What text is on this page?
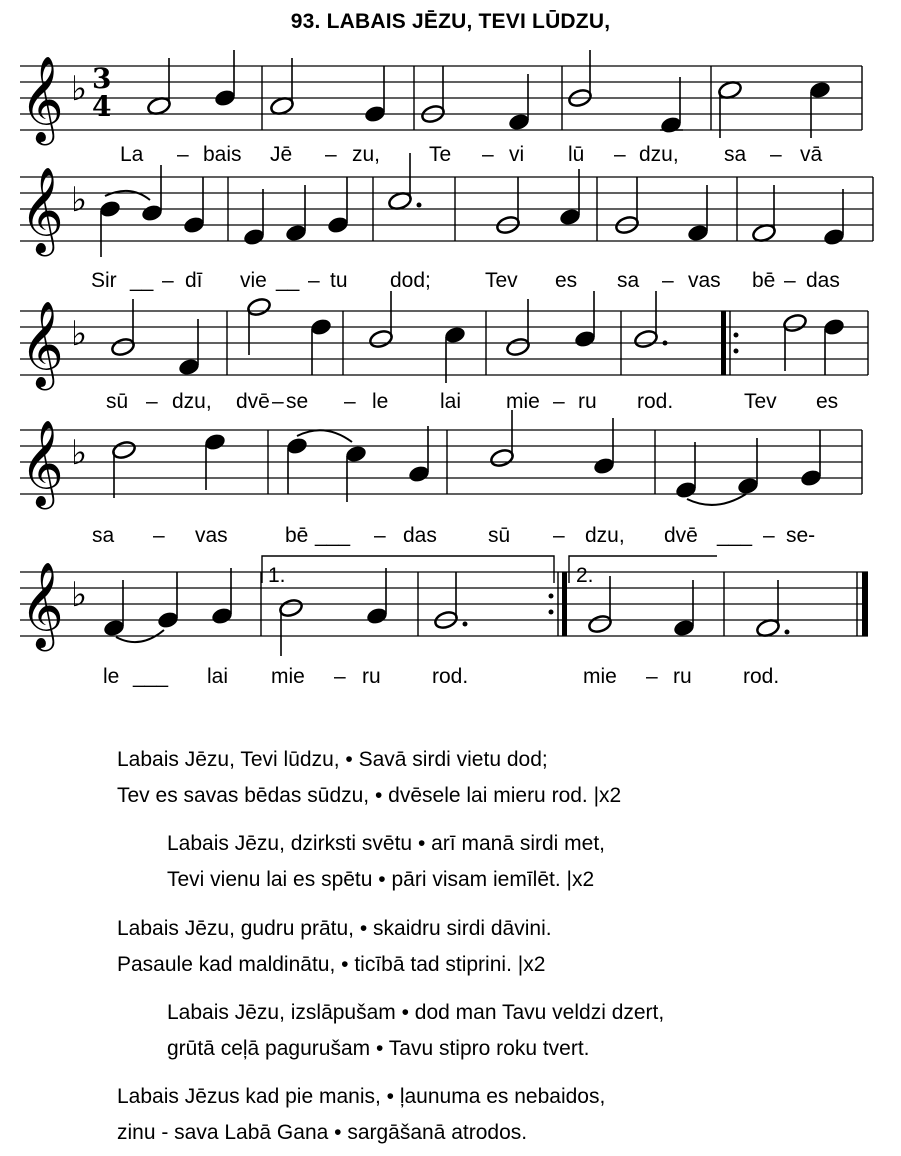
93. LABAIS JĒZU, TEVI LŪDZU,
𝄞 ♭ 3
4
La – bais Jē – zu, Te – vi lū – dzu, sa – vā
𝄞 ♭
Sir __ – dī vie __ – tu dod;	Tev es sa – vas bē – das
𝄞 ♭
sū – dzu, dvē – se – le lai mie – ru rod.	Tev es
𝄞 ♭
sa – vas	bē ___ – das sū – dzu, dvē ___ – se-
𝄞 ♭	1.	2.
le ___ lai mie – ru rod.	mie – ru rod.
Labais Jēzu, Tevi lūdzu, • Savā sirdi vietu dod;
Tev es savas bēdas sūdzu, • dvēsele lai mieru rod. |x2
Labais Jēzu, dzirksti svētu • arī manā sirdi met,
Tevi vienu lai es spētu • pāri visam iemīlēt. |x2
Labais Jēzu, gudru prātu, • skaidru sirdi dāvini.
Pasaule kad maldinātu, • ticībā tad stiprini. |x2
Labais Jēzu, izslāpušam • dod man Tavu veldzi dzert,
grūtā ceļā pagurušam • Tavu stipro roku tvert.
Labais Jēzus kad pie manis, • ļaunuma es nebaidos,
zinu - sava Labā Gana • sargāšanā atrodos.
